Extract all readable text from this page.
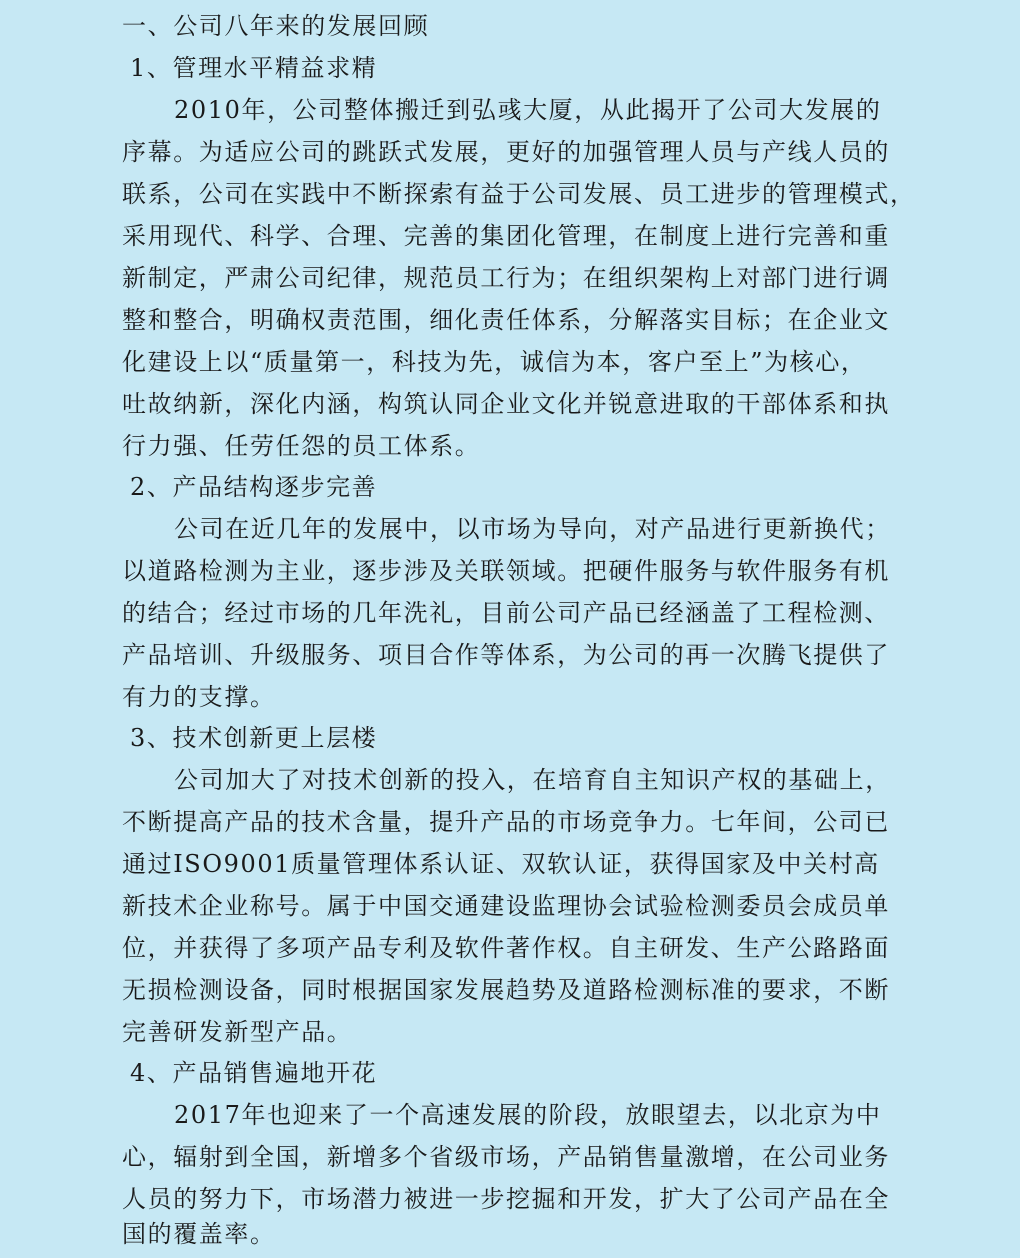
一、公司八年来的发展回顾
1、管理水平精益求精
2010年，公司整体搬迁到弘彧大厦，从此揭开了公司大发展的
序幕。为适应公司的跳跃式发展，更好的加强管理人员与产线人员的
联系，公司在实践中不断探索有益于公司发展、员工进步的管理模式，
采用现代、科学、合理、完善的集团化管理，在制度上进行完善和重
新制定，严肃公司纪律，规范员工行为；在组织架构上对部门进行调
整和整合，明确权责范围，细化责任体系，分解落实目标；在企业文
化建设上以“质量第一，科技为先，诚信为本，客户至上”为核心，
吐故纳新，深化内涵，构筑认同企业文化并锐意进取的干部体系和执
行力强、任劳任怨的员工体系。
2、产品结构逐步完善
公司在近几年的发展中，以市场为导向，对产品进行更新换代；
以道路检测为主业，逐步涉及关联领域。把硬件服务与软件服务有机
的结合；经过市场的几年洗礼，目前公司产品已经涵盖了工程检测、
产品培训、升级服务、项目合作等体系，为公司的再一次腾飞提供了
有力的支撑。
3、技术创新更上层楼
公司加大了对技术创新的投入，在培育自主知识产权的基础上，
不断提高产品的技术含量，提升产品的市场竞争力。七年间，公司已
通过ISO9001质量管理体系认证、双软认证，获得国家及中关村高
新技术企业称号。属于中国交通建设监理协会试验检测委员会成员单
位，并获得了多项产品专利及软件著作权。自主研发、生产公路路面
无损检测设备，同时根据国家发展趋势及道路检测标准的要求，不断
完善研发新型产品。
4、产品销售遍地开花
2017年也迎来了一个高速发展的阶段，放眼望去，以北京为中
心，辐射到全国，新增多个省级市场，产品销售量激增，在公司业务
人员的努力下，市场潜力被进一步挖掘和开发，扩大了公司产品在全
国的覆盖率。
